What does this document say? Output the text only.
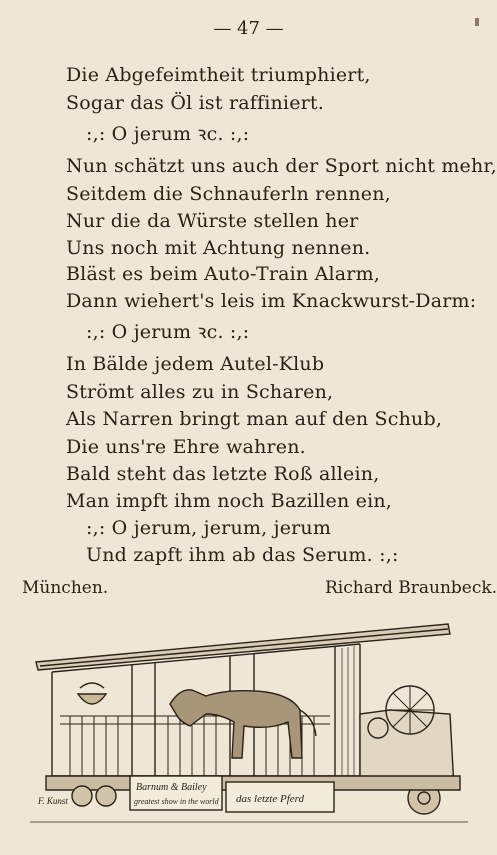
— 47 —
Die Abgefeimtheit triumphiert,
Sogar das Öl ist raffiniert.
:,: O jerum ꝛc. :,:
Nun schätzt uns auch der Sport nicht mehr,
Seitdem die Schnauferln rennen,
Nur die da Würste stellen her
Uns noch mit Achtung nennen.
Bläst es beim Auto-Train Alarm,
Dann wiehert's leis im Knackwurst-Darm:
:,: O jerum ꝛc. :,:
In Bälde jedem Autel-Klub
Strömt alles zu in Scharen,
Als Narren bringt man auf den Schub,
Die uns're Ehre wahren.
Bald steht das letzte Roß allein,
Man impft ihm noch Bazillen ein,
:,: O jerum, jerum, jerum
Und zapft ihm ab das Serum. :,:
München.	Richard Braunbeck.
Barnum & Bailey
greatest show in the world das letzte Pferd
F. Kunst
